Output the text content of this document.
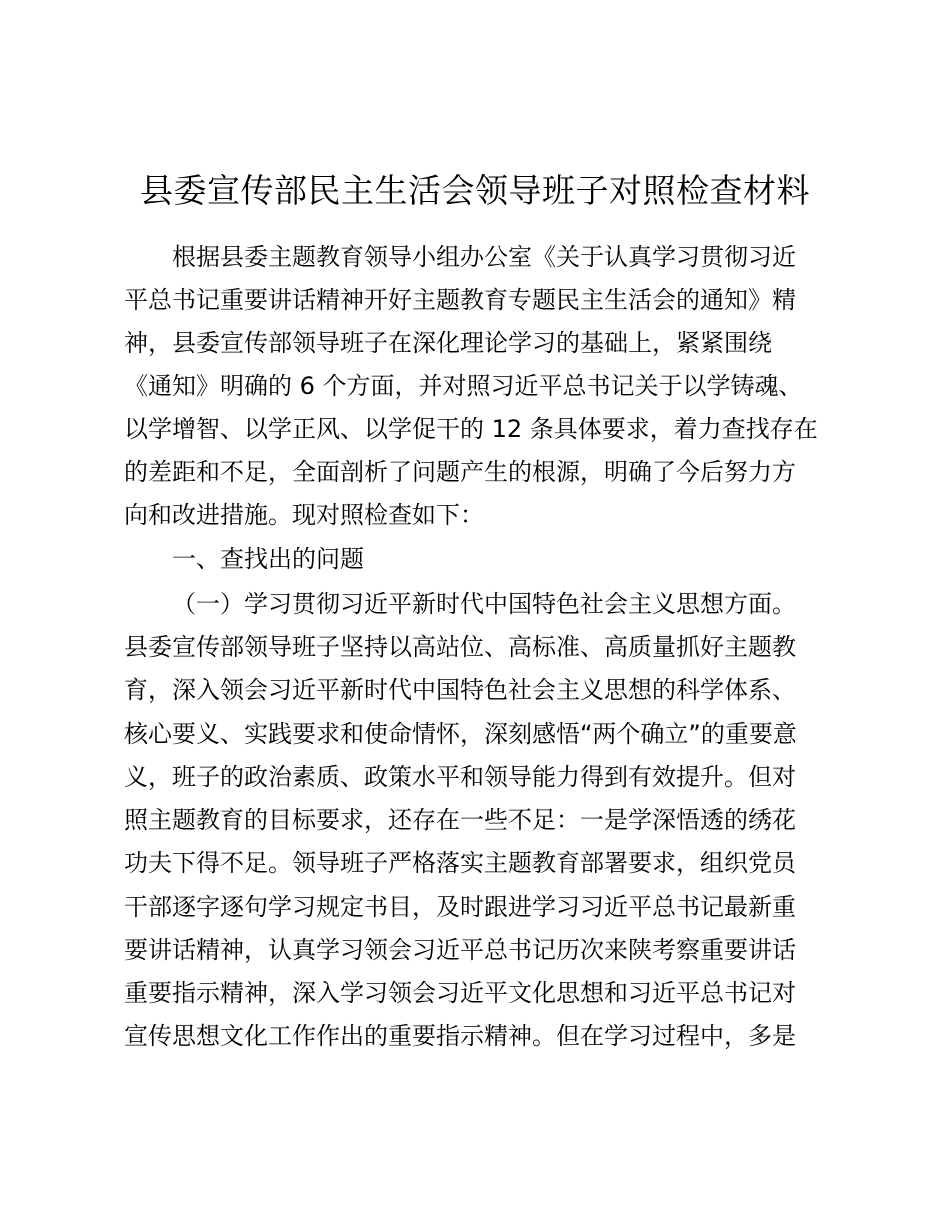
县委宣传部民主生活会领导班子对照检查材料
根据县委主题教育领导小组办公室《关于认真学习贯彻习近
平总书记重要讲话精神开好主题教育专题民主生活会的通知》精
神，县委宣传部领导班子在深化理论学习的基础上，紧紧围绕
《通知》明确的 6 个方面，并对照习近平总书记关于以学铸魂、
以学增智、以学正风、以学促干的 12 条具体要求，着力查找存在
的差距和不足，全面剖析了问题产生的根源，明确了今后努力方
向和改进措施。现对照检查如下：
一、查找出的问题
（一）学习贯彻习近平新时代中国特色社会主义思想方面。
县委宣传部领导班子坚持以高站位、高标准、高质量抓好主题教
育，深入领会习近平新时代中国特色社会主义思想的科学体系、
核心要义、实践要求和使命情怀，深刻感悟“两个确立”的重要意
义，班子的政治素质、政策水平和领导能力得到有效提升。但对
照主题教育的目标要求，还存在一些不足：一是学深悟透的绣花
功夫下得不足。领导班子严格落实主题教育部署要求，组织党员
干部逐字逐句学习规定书目，及时跟进学习习近平总书记最新重
要讲话精神，认真学习领会习近平总书记历次来陕考察重要讲话
重要指示精神，深入学习领会习近平文化思想和习近平总书记对
宣传思想文化工作作出的重要指示精神。但在学习过程中，多是
